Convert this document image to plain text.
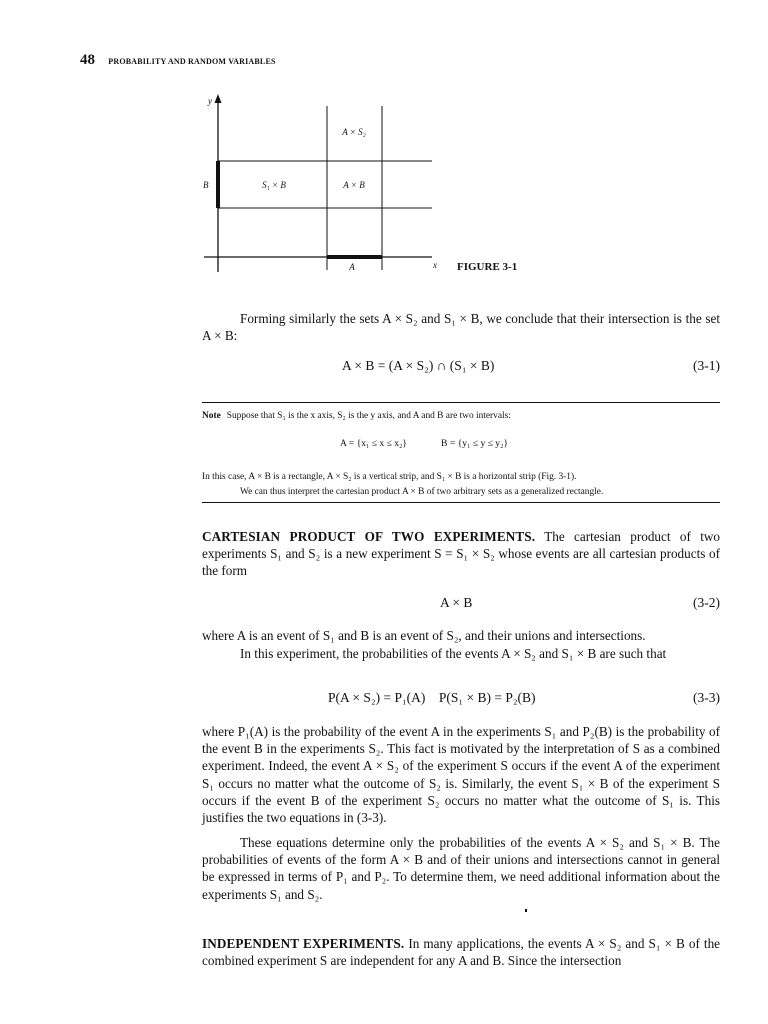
48 PROBABILITY AND RANDOM VARIABLES
y
x
B
A
S₁ × B	A × B
A × S₂
FIGURE 3-1

Forming similarly the sets A × S₂ and S₁ × B, we conclude that their intersection is the set A × B:

A × B = (A × S₂) ∩ (S₁ × B)	(3-1)
Note Suppose that S₁ is the x axis, S₂ is the y axis, and A and B are two intervals:
A = {x₁ ≤ x ≤ x₂}	B = {y₁ ≤ y ≤ y₂}
In this case, A × B is a rectangle, A × S₂ is a vertical strip, and S₁ × B is a horizontal strip (Fig. 3-1).
We can thus interpret the cartesian product A × B of two arbitrary sets as a generalized rectangle.

CARTESIAN PRODUCT OF TWO EXPERIMENTS. The cartesian product of two experiments S₁ and S₂ is a new experiment S = S₁ × S₂ whose events are all cartesian products of the form

A × B	(3-2)

where A is an event of S₁ and B is an event of S₂, and their unions and intersections.

In this experiment, the probabilities of the events A × S₂ and S₁ × B are such that

P(A × S₂) = P₁(A)    P(S₁ × B) = P₂(B)	(3-3)

where P₁(A) is the probability of the event A in the experiments S₁ and P₂(B) is the probability of the event B in the experiments S₂. This fact is motivated by the interpretation of S as a combined experiment. Indeed, the event A × S₂ of the experiment S occurs if the event A of the experiment S₁ occurs no matter what the outcome of S₂ is. Similarly, the event S₁ × B of the experiment S occurs if the event B of the experiment S₂ occurs no matter what the outcome of S₁ is. This justifies the two equations in (3-3).

These equations determine only the probabilities of the events A × S₂ and S₁ × B. The probabilities of events of the form A × B and of their unions and intersections cannot in general be expressed in terms of P₁ and P₂. To determine them, we need additional information about the experiments S₁ and S₂.

INDEPENDENT EXPERIMENTS. In many applications, the events A × S₂ and S₁ × B of the combined experiment S are independent for any A and B. Since the intersection
